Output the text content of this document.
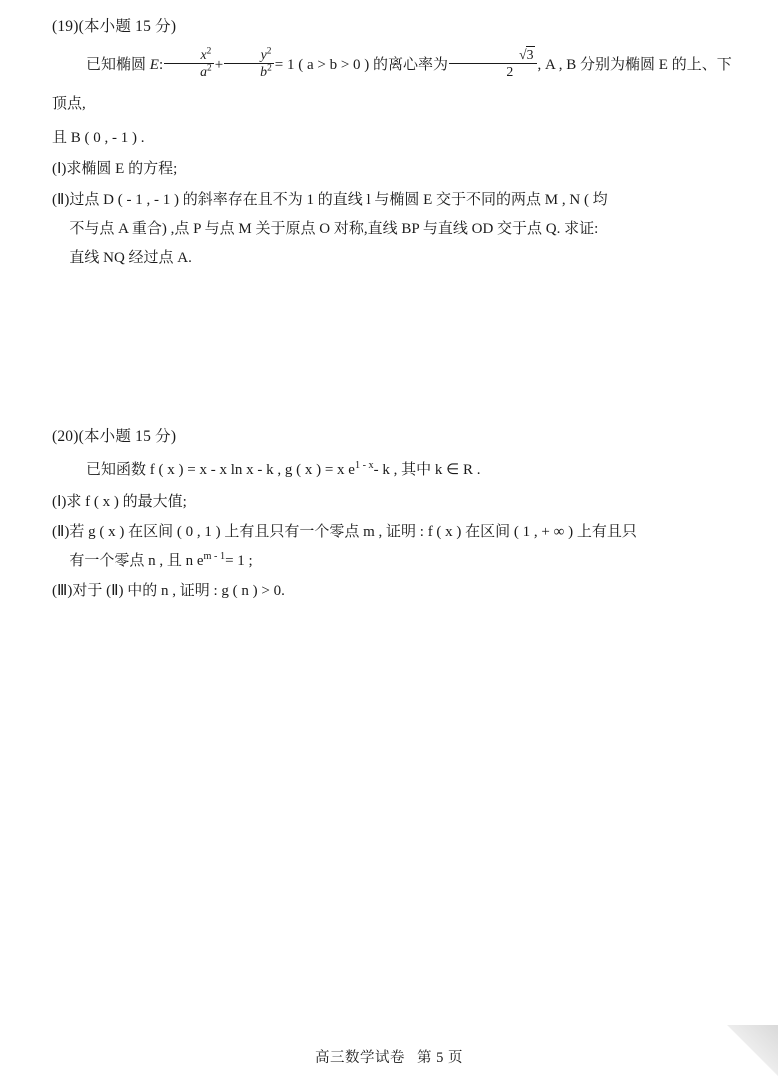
(19)(本小题 15 分)
已知椭圆 E: $\frac{x^2}{a^2} + \frac{y^2}{b^2} = 1$ ( a > b > 0 ) 的离心率为 $\frac{√3}{2}$ , A , B 分别为椭圆 E 的上、下顶点,
且 B ( 0 , - 1 ) .
(Ⅰ) 求椭圆 E 的方程;
(Ⅱ) 过点 D ( - 1 , - 1 ) 的斜率存在且不为 1 的直线 l 与椭圆 E 交于不同的两点 M , N ( 均
不与点 A 重合) ,点 P 与点 M 关于原点 O 对称,直线 BP 与直线 OD 交于点 Q. 求证:
直线 NQ 经过点 A.
(20)(本小题 15 分)
已知函数 f ( x ) = x - x ln x - k , g ( x ) = x $e^{1 - x}-$ k , 其中 k ∈ R .
(Ⅰ) 求 f ( x ) 的最大值;
(Ⅱ) 若 g ( x ) 在区间 ( 0 , 1 ) 上有且只有一个零点 m , 证明 : f ( x ) 在区间 ( 1 , + ∞ ) 上有且只
有一个零点 n , 且 n $e^{m - 1}= 1$ ;
(Ⅲ) 对于 (Ⅱ) 中的 n , 证明 : g ( n ) > 0.
高三数学试卷 第 5 页
